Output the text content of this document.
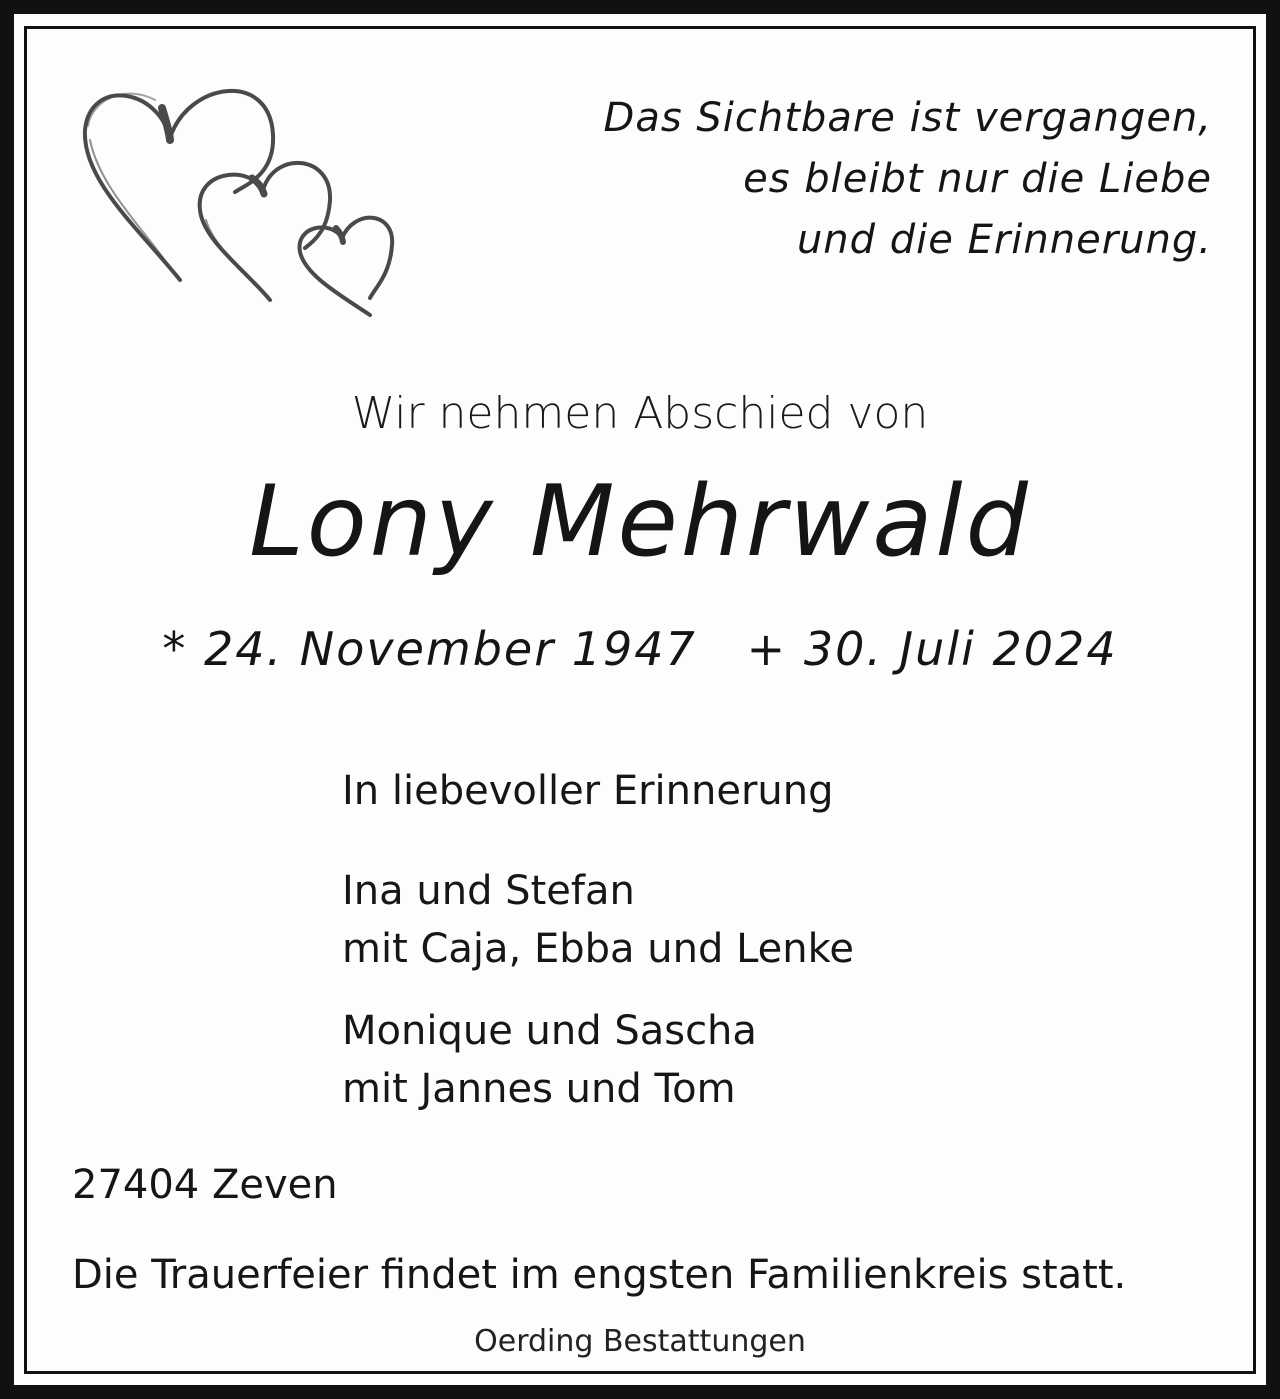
Das Sichtbare ist vergangen,
es bleibt nur die Liebe
und die Erinnerung.
Wir nehmen Abschied von
Lony Mehrwald
* 24. November 1947 + 30. Juli 2024
In liebevoller Erinnerung
Ina und Stefan
mit Caja, Ebba und Lenke
Monique und Sascha
mit Jannes und Tom
27404 Zeven
Die Trauerfeier findet im engsten Familienkreis statt.
Oerding Bestattungen
